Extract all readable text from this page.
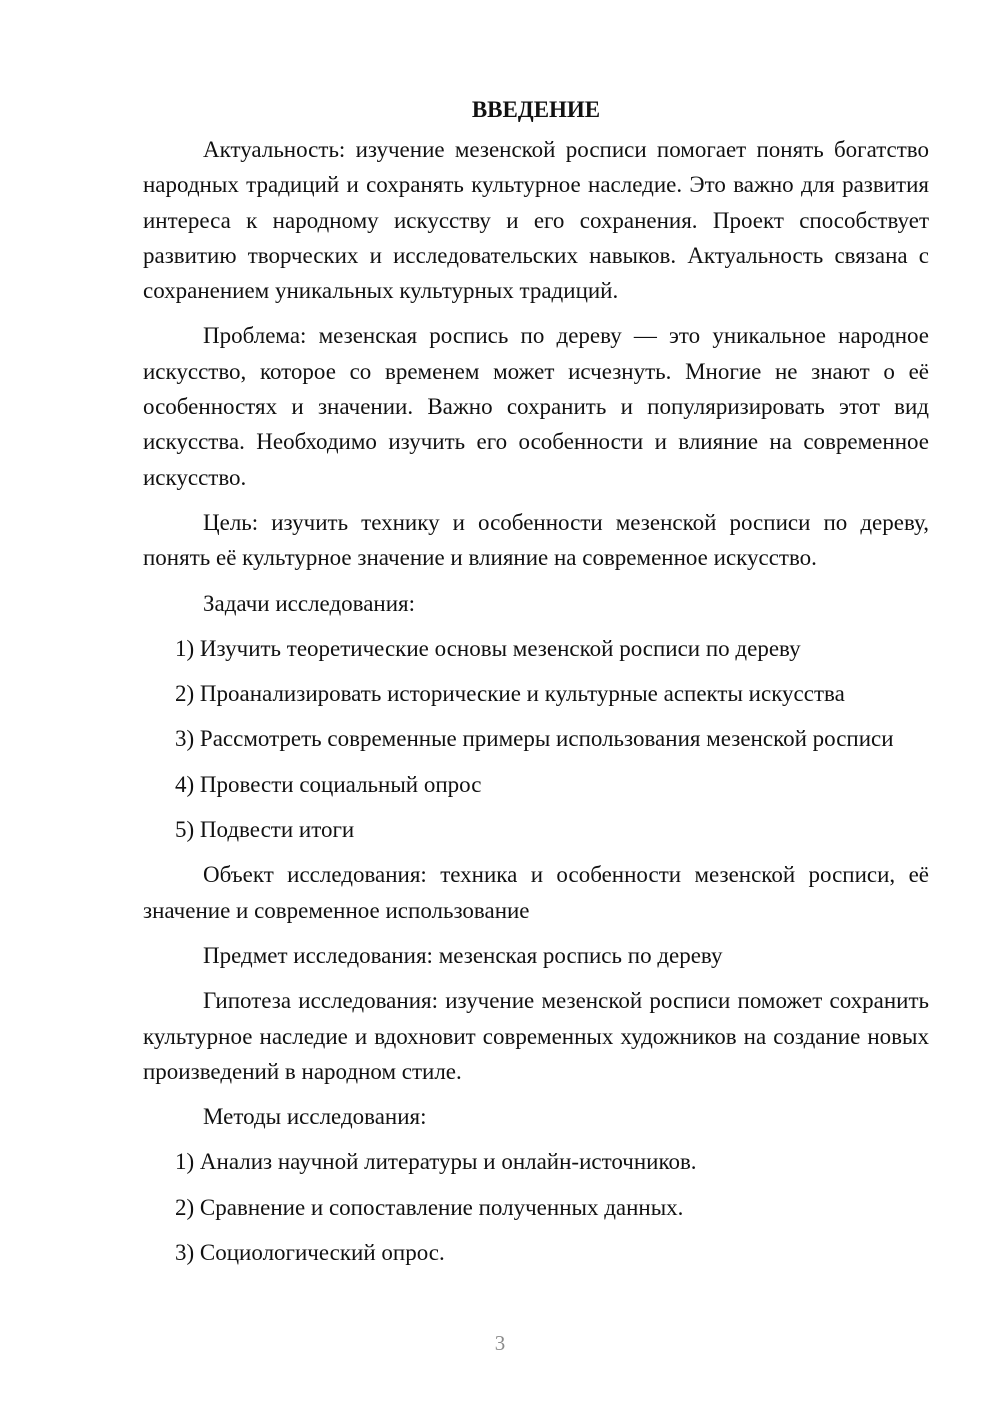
ВВЕДЕНИЕ

Актуальность: изучение мезенской росписи помогает понять богатство народных традиций и сохранять культурное наследие. Это важно для развития интереса к народному искусству и его сохранения. Проект способствует развитию творческих и исследовательских навыков. Актуальность связана с сохранением уникальных культурных традиций.

Проблема: мезенская роспись по дереву — это уникальное народное искусство, которое со временем может исчезнуть. Многие не знают о её особенностях и значении. Важно сохранить и популяризировать этот вид искусства. Необходимо изучить его особенности и влияние на современное искусство.

Цель: изучить технику и особенности мезенской росписи по дереву, понять её культурное значение и влияние на современное искусство.

Задачи исследования:

1) Изучить теоретические основы мезенской росписи по дереву

2) Проанализировать исторические и культурные аспекты искусства

3) Рассмотреть современные примеры использования мезенской росписи

4) Провести социальный опрос

5) Подвести итоги

Объект исследования: техника и особенности мезенской росписи, её значение и современное использование

Предмет исследования: мезенская роспись по дереву

Гипотеза исследования: изучение мезенской росписи поможет сохранить культурное наследие и вдохновит современных художников на создание новых произведений в народном стиле.

Методы исследования:

1) Анализ научной литературы и онлайн-источников.

2) Сравнение и сопоставление полученных данных.

3) Социологический опрос.

3
